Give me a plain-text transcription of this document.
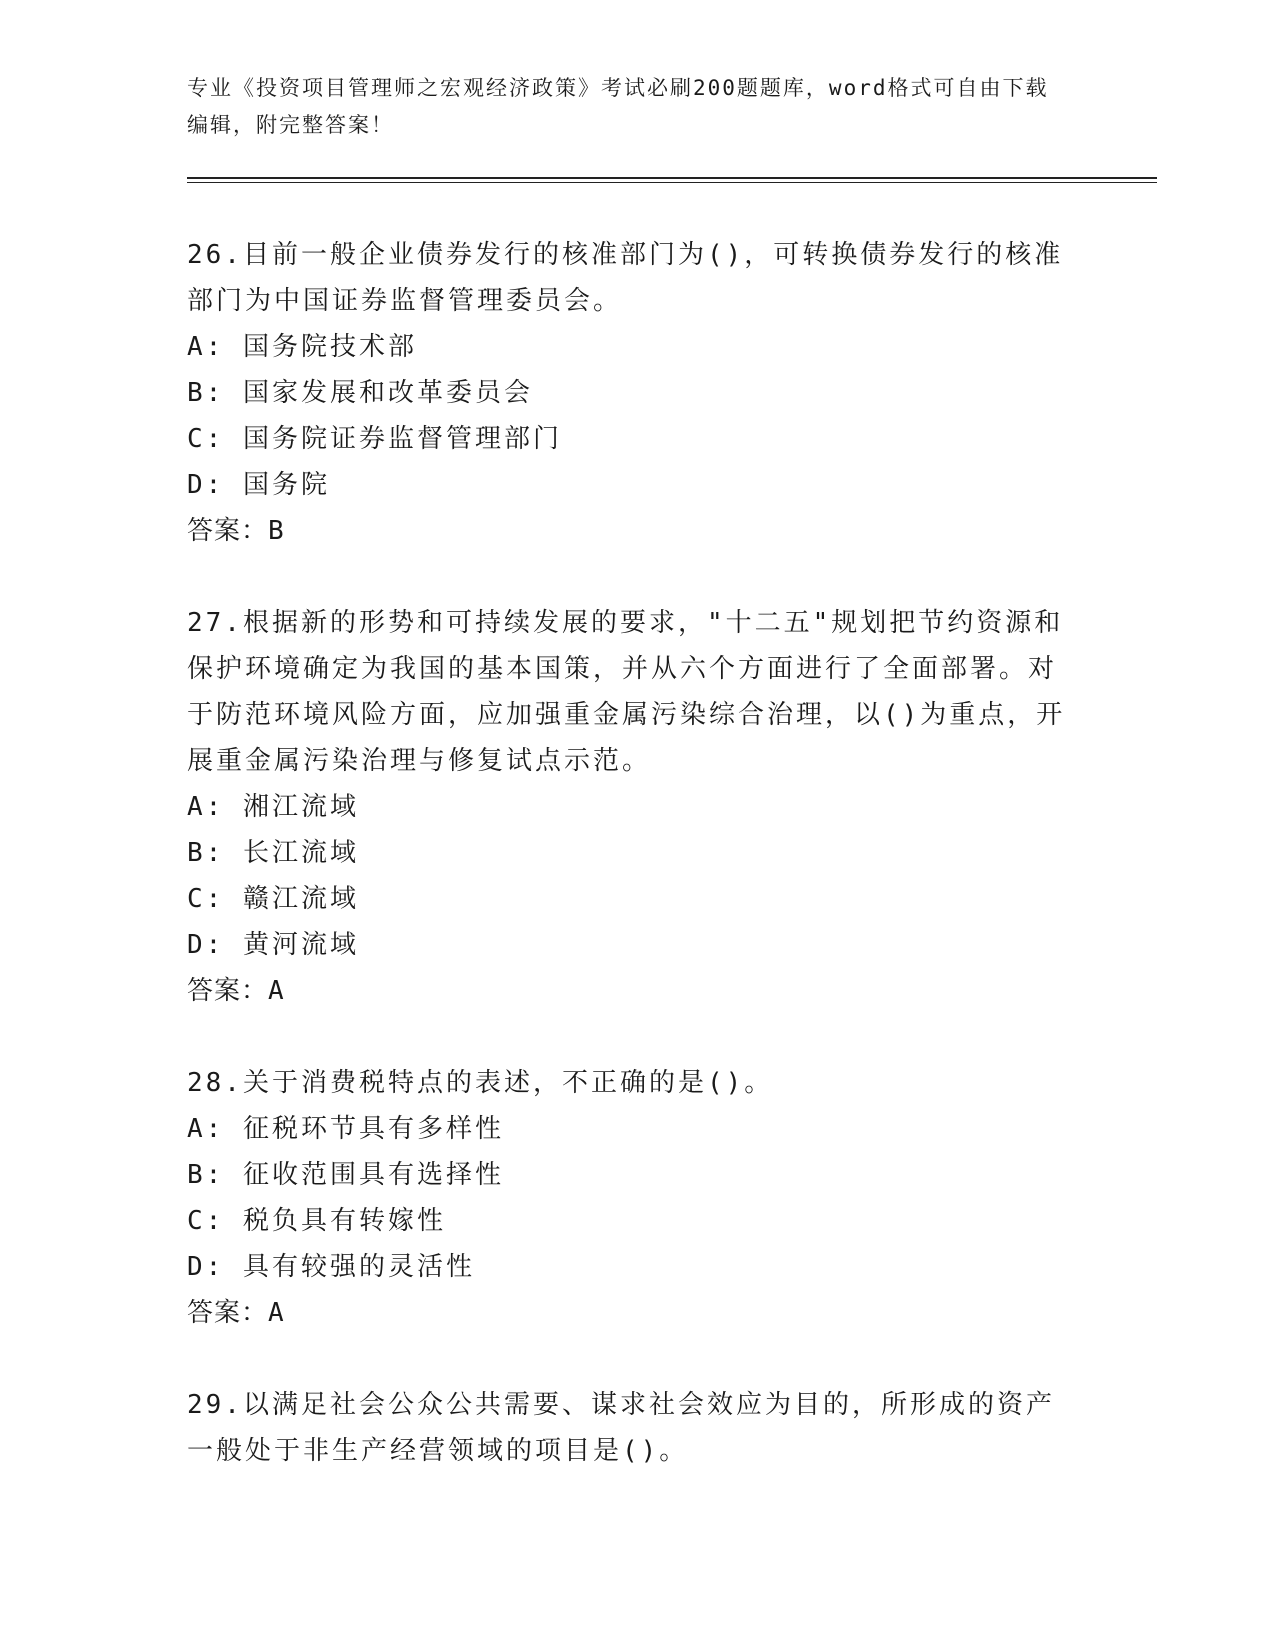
专业《投资项目管理师之宏观经济政策》考试必刷200题题库，word格式可自由下载编辑，附完整答案！

26.目前一般企业债券发行的核准部门为()，可转换债券发行的核准部门为中国证券监督管理委员会。

A: 国务院技术部

B: 国家发展和改革委员会

C: 国务院证券监督管理部门

D: 国务院

答案：B

27.根据新的形势和可持续发展的要求，"十二五"规划把节约资源和保护环境确定为我国的基本国策，并从六个方面进行了全面部署。对于防范环境风险方面，应加强重金属污染综合治理，以()为重点，开展重金属污染治理与修复试点示范。

A: 湘江流域

B: 长江流域

C: 赣江流域

D: 黄河流域

答案：A

28.关于消费税特点的表述，不正确的是()。

A: 征税环节具有多样性

B: 征收范围具有选择性

C: 税负具有转嫁性

D: 具有较强的灵活性

答案：A

29.以满足社会公众公共需要、谋求社会效应为目的，所形成的资产一般处于非生产经营领域的项目是()。
